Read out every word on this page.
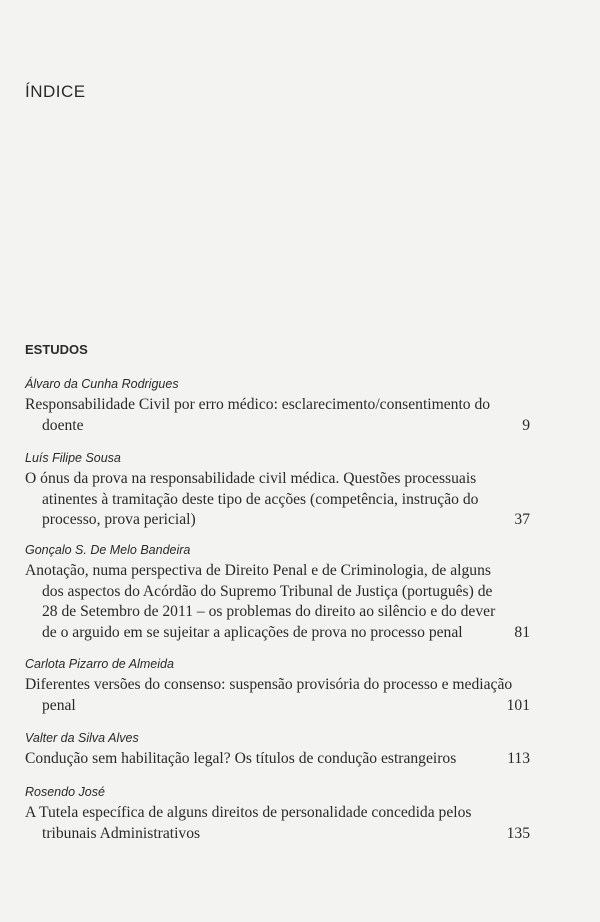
ÍNDICE
ESTUDOS
Álvaro da Cunha Rodrigues
Responsabilidade Civil por erro médico: esclarecimento/consentimento do
doente	9
Luís Filipe Sousa
O ónus da prova na responsabilidade civil médica. Questões processuais
atinentes à tramitação deste tipo de acções (competência, instrução do
processo, prova pericial)	37
Gonçalo S. De Melo Bandeira
Anotação, numa perspectiva de Direito Penal e de Criminologia, de alguns
dos aspectos do Acórdão do Supremo Tribunal de Justiça (português) de
28 de Setembro de 2011 – os problemas do direito ao silêncio e do dever
de o arguido em se sujeitar a aplicações de prova no processo penal	81
Carlota Pizarro de Almeida
Diferentes versões do consenso: suspensão provisória do processo e mediação
penal	101
Valter da Silva Alves
Condução sem habilitação legal? Os títulos de condução estrangeiros	113
Rosendo José
A Tutela específica de alguns direitos de personalidade concedida pelos
tribunais Administrativos	135
